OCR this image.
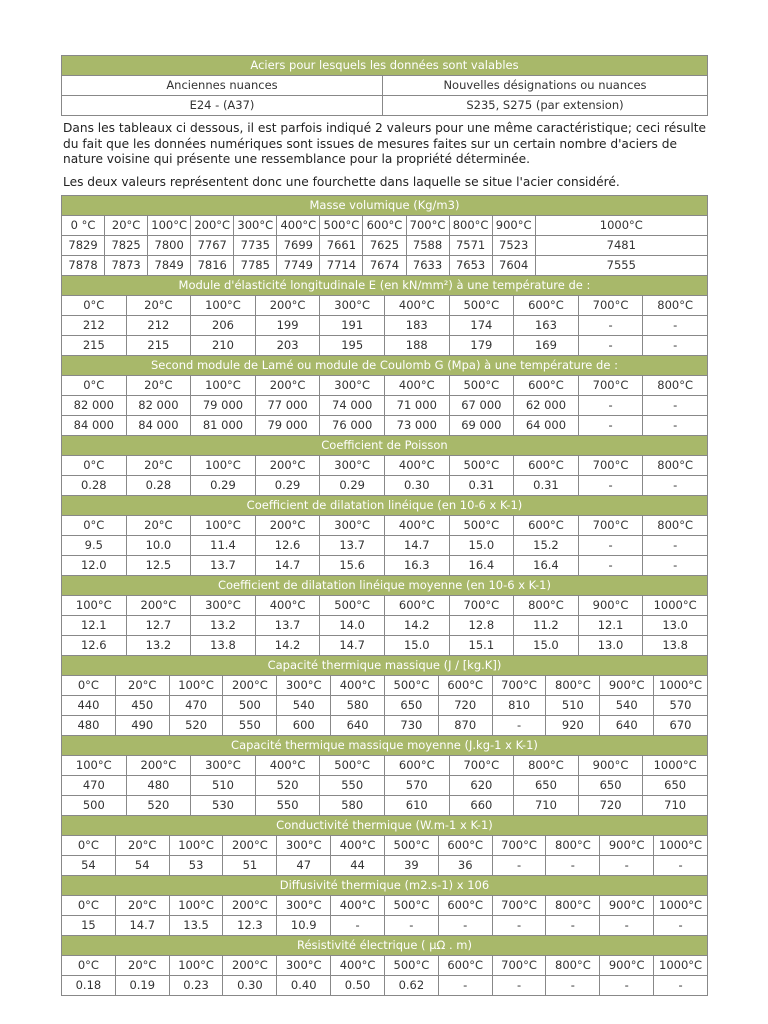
Aciers pour lesquels les données sont valables	
Anciennes nuances	Nouvelles désignations ou nuances
E24 - (A37)	S235, S275 (par extension)

Dans les tableaux ci dessous, il est parfois indiqué 2 valeurs pour une même caractéristique; ceci résulte du fait que les données numériques sont issues de mesures faites sur un certain nombre d'aciers de nature voisine qui présente une ressemblance pour la propriété déterminée.

Les deux valeurs représentent donc une fourchette dans laquelle se situe l'acier considéré.

Masse volumique (Kg/m3)																									
0 °C	20°C			100°C		200°C		300°C		400°C	500°C		600°C		700°C		800°C	900°C		1000°C					
7829	7825			7800		7767		7735		7699	7661		7625		7588		7571	7523		7481					
7878	7873			7849		7816		7785		7749	7714		7674		7633		7653	7604		7555					
Module d'élasticité longitudinale E (en kN/mm²) à une température de :																									
0°C			20°C			100°C			200°C		300°C			400°C			500°C		600°C			700°C		800°C	
212			212			206			199		191			183			174		163			-		-	
215			215			210			203		195			188			179		169			-		-	
Second module de Lamé ou module de Coulomb G (Mpa) à une température de :																									
0°C			20°C			100°C			200°C		300°C			400°C			500°C		600°C			700°C		800°C	
82 000			82 000			79 000			77 000		74 000			71 000			67 000		62 000			-		-	
84 000			84 000			81 000			79 000		76 000			73 000			69 000		64 000			-		-	
Coefficient de Poisson																									
0°C			20°C			100°C			200°C		300°C			400°C			500°C		600°C			700°C		800°C	
0.28			0.28			0.29			0.29		0.29			0.30			0.31		0.31			-		-	
Coefficient de dilatation linéique (en 10-6 x K-1)																									
0°C			20°C			100°C			200°C		300°C			400°C			500°C		600°C			700°C		800°C	
9.5			10.0			11.4			12.6		13.7			14.7			15.0		15.2			-		-	
12.0			12.5			13.7			14.7		15.6			16.3			16.4		16.4			-		-	
Coefficient de dilatation linéique moyenne (en 10-6 x K-1)																									
100°C			200°C			300°C			400°C		500°C			600°C			700°C		800°C			900°C		1000°C	
12.1			12.7			13.2			13.7		14.0			14.2			12.8		11.2			12.1		13.0	
12.6			13.2			13.8			14.2		14.7			15.0			15.1		15.0			13.0		13.8	
Capacité thermique massique (J / [kg.K])																									
0°C		20°C			100°C		200°C			300°C		400°C		500°C		600°C		700°C			800°C		900°C		1000°C
440		450			470		500			540		580		650		720		810			510		540		570
480		490			520		550			600		640		730		870		-			920		640		670
Capacité thermique massique moyenne (J.kg-1 x K-1)																									
100°C			200°C			300°C			400°C		500°C			600°C			700°C		800°C			900°C		1000°C	
470			480			510			520		550			570			620		650			650		650	
500			520			530			550		580			610			660		710			720		710	
Conductivité thermique (W.m-1 x K-1)																									
0°C		20°C			100°C		200°C			300°C		400°C		500°C		600°C		700°C			800°C		900°C		1000°C
54		54			53		51			47		44		39		36		-			-		-		-
Diffusivité thermique (m2.s-1) x 106																									
0°C		20°C			100°C		200°C			300°C		400°C		500°C		600°C		700°C			800°C		900°C		1000°C
15		14.7			13.5		12.3			10.9		-		-		-		-			-		-		-
Résistivité électrique ( µΩ . m)																									
0°C		20°C			100°C		200°C			300°C		400°C		500°C		600°C		700°C			800°C		900°C		1000°C
0.18		0.19			0.23		0.30			0.40		0.50		0.62		-		-			-		-		-
